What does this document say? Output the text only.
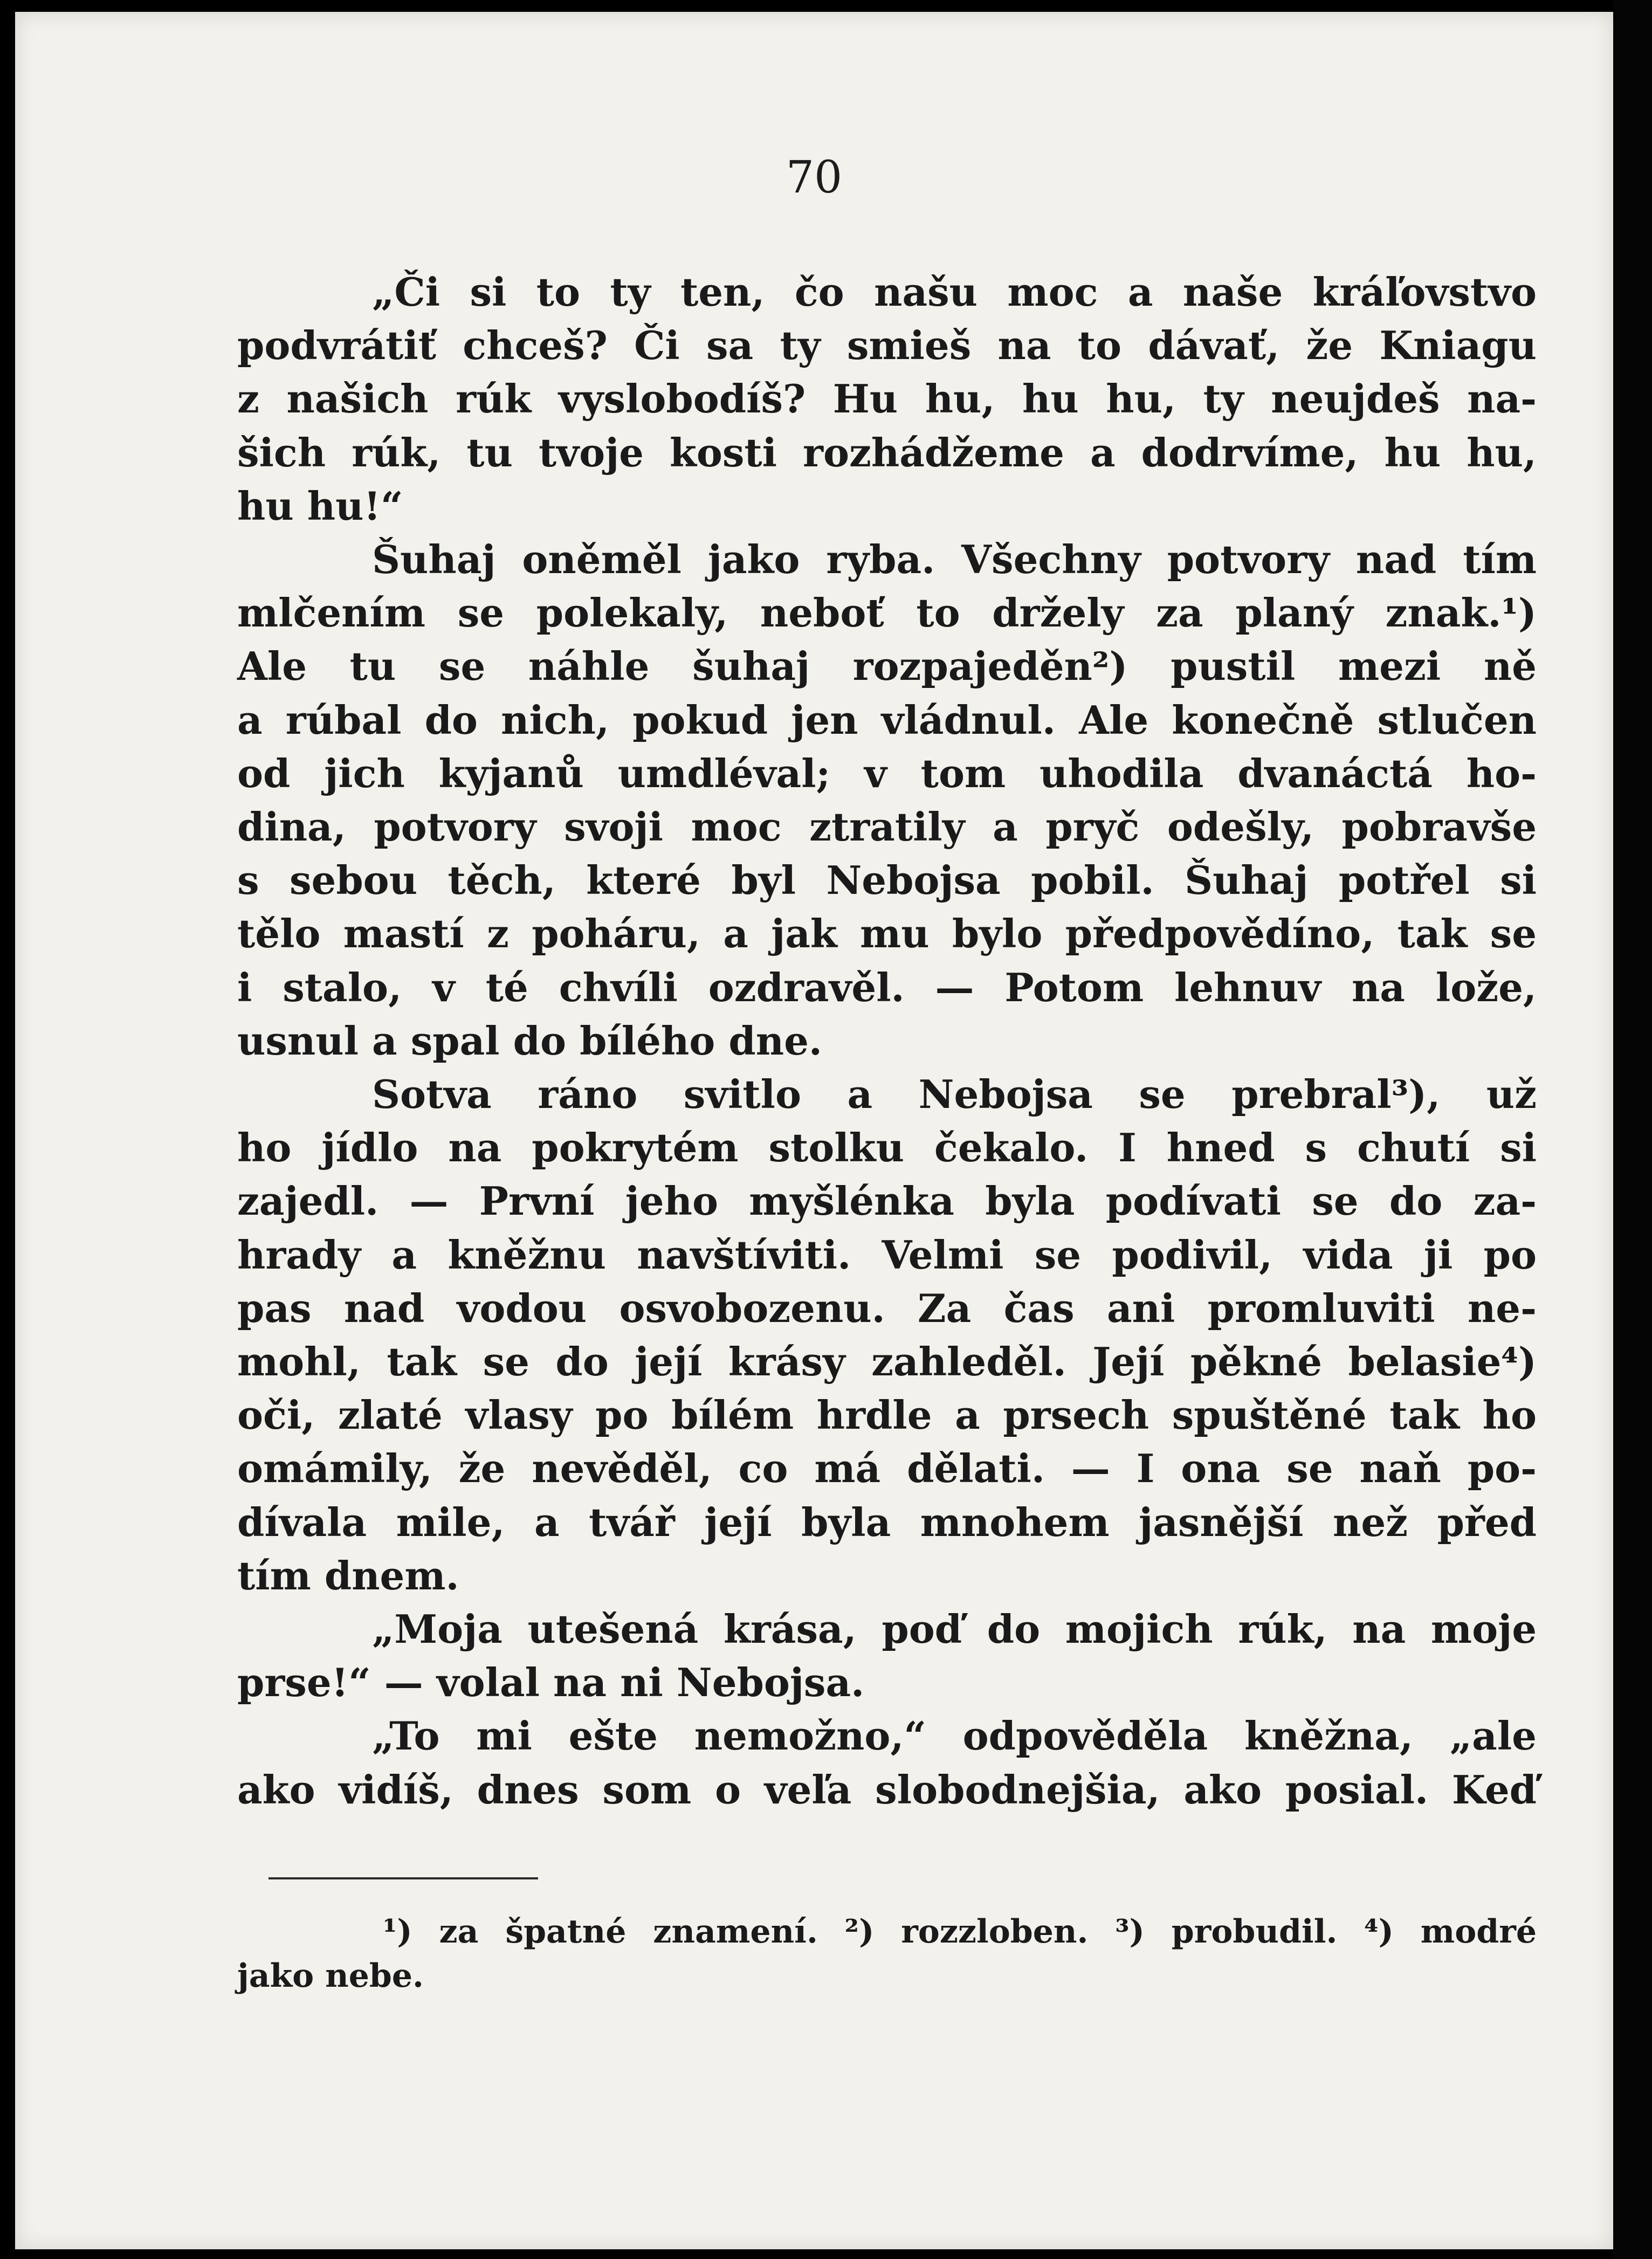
70

„Či si to ty ten, čo našu moc a naše kráľovstvo
podvrátiť chceš? Či sa ty smieš na to dávať, že Kniagu
z našich rúk vyslobodíš? Hu hu, hu hu, ty neujdeš na-
šich rúk, tu tvoje kosti rozhádžeme a dodrvíme, hu hu,
hu hu!“

Šuhaj oněměl jako ryba. Všechny potvory nad tím
mlčením se polekaly, neboť to držely za planý znak.¹)
Ale tu se náhle šuhaj rozpajeděn²) pustil mezi ně
a rúbal do nich, pokud jen vládnul. Ale konečně stlučen
od jich kyjanů umdléval; v tom uhodila dvanáctá ho-
dina, potvory svoji moc ztratily a pryč odešly, pobravše
s sebou těch, které byl Nebojsa pobil. Šuhaj potřel si
tělo mastí z poháru, a jak mu bylo předpovědíno, tak se
i stalo, v té chvíli ozdravěl. — Potom lehnuv na lože,
usnul a spal do bílého dne.

Sotva ráno svitlo a Nebojsa se prebral³), už
ho jídlo na pokrytém stolku čekalo. I hned s chutí si
zajedl. — První jeho myšlénka byla podívati se do za-
hrady a kněžnu navštíviti. Velmi se podivil, vida ji po
pas nad vodou osvobozenu. Za čas ani promluviti ne-
mohl, tak se do její krásy zahleděl. Její pěkné belasie⁴)
oči, zlaté vlasy po bílém hrdle a prsech spuštěné tak ho
omámily, že nevěděl, co má dělati. — I ona se naň po-
dívala mile, a tvář její byla mnohem jasnější než před
tím dnem.

„Moja utešená krása, poď do mojich rúk, na moje
prse!“ — volal na ni Nebojsa.

„To mi ešte nemožno,“ odpověděla kněžna, „ale
ako vidíš, dnes som o veľa slobodnejšia, ako posial. Keď

¹) za špatné znamení. ²) rozzloben. ³) probudil. ⁴) modré
jako nebe.
